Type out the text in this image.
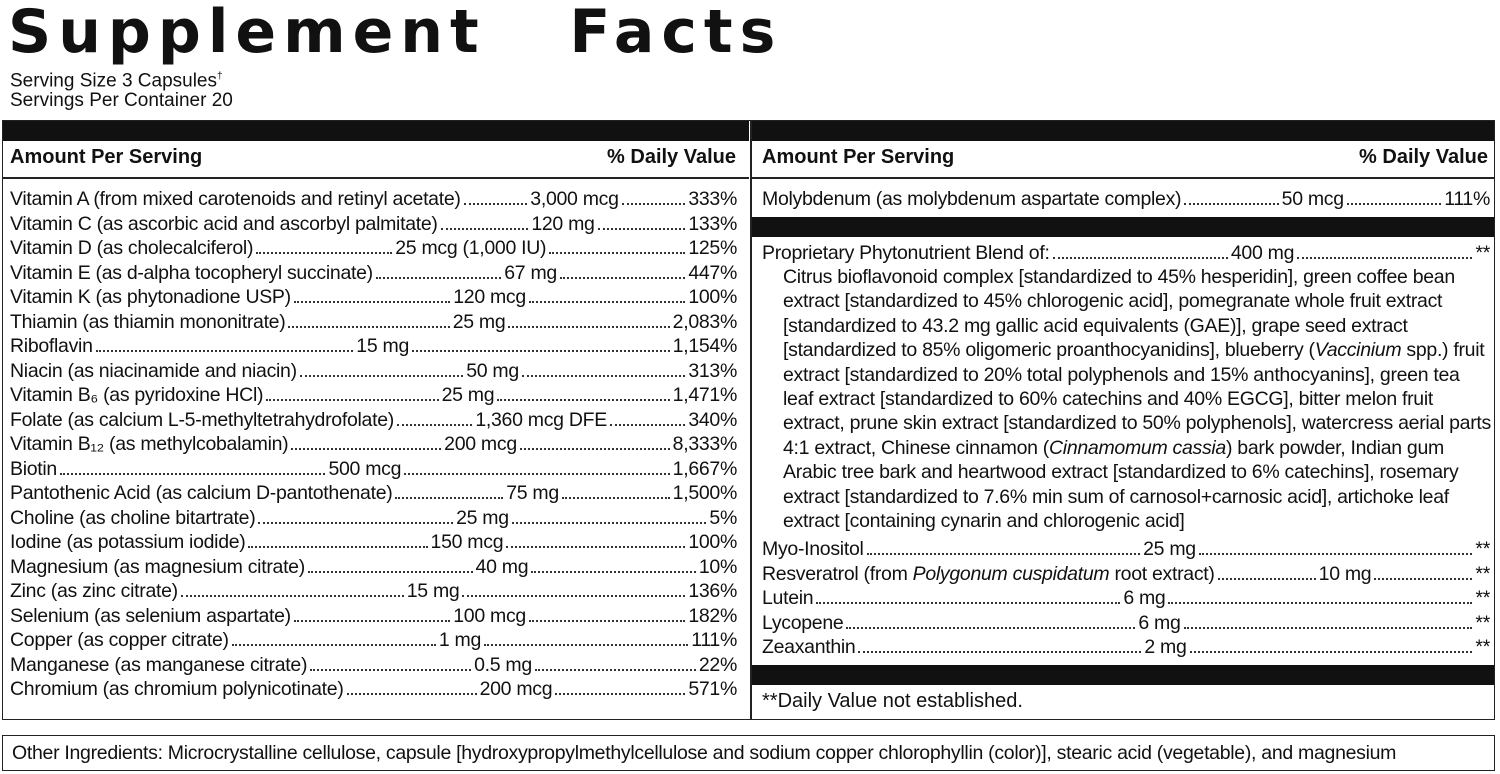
Supplement   Facts
Serving Size 3 Capsules†
Servings Per Container 20
Amount Per Serving	% Daily Value Amount Per Serving	% Daily Value
Vitamin A (from mixed carotenoids and retinyl acetate)	3,000 mcg	333%
Vitamin C (as ascorbic acid and ascorbyl palmitate)	120 mg	133%
Vitamin D (as cholecalciferol)	25 mcg (1,000 IU)	125%
Vitamin E (as d-alpha tocopheryl succinate)	67 mg	447%
Vitamin K (as phytonadione USP)	120 mcg	100%
Thiamin (as thiamin mononitrate)	25 mg	2,083%
Riboflavin	15 mg	1,154%
Niacin (as niacinamide and niacin)	50 mg	313%
Vitamin B₆ (as pyridoxine HCl)	25 mg	1,471%
Folate (as calcium L-5-methyltetrahydrofolate)	1,360 mcg DFE	340%
Vitamin B₁₂ (as methylcobalamin)	200 mcg	8,333%
Biotin	500 mcg	1,667%
Pantothenic Acid (as calcium D-pantothenate)	75 mg	1,500%
Choline (as choline bitartrate)	25 mg	5%
Iodine (as potassium iodide)	150 mcg	100%
Magnesium (as magnesium citrate)	40 mg	10%
Zinc (as zinc citrate)	15 mg	136%
Selenium (as selenium aspartate)	100 mcg	182%
Copper (as copper citrate)	1 mg	111%
Manganese (as manganese citrate)	0.5 mg	22%
Chromium (as chromium polynicotinate)	200 mcg	571%
Molybdenum (as molybdenum aspartate complex)	50 mcg	111%
Proprietary Phytonutrient Blend of:	400 mg	**
Citrus bioflavonoid complex [standardized to 45% hesperidin], green coffee bean extract [standardized to 45% chlorogenic acid], pomegranate whole fruit extract [standardized to 43.2 mg gallic acid equivalents (GAE)], grape seed extract [standardized to 85% oligomeric proanthocyanidins], blueberry (Vaccinium spp.) fruit extract [standardized to 20% total polyphenols and 15% anthocyanins], green tea leaf extract [standardized to 60% catechins and 40% EGCG], bitter melon fruit extract, prune skin extract [standardized to 50% polyphenols], watercress aerial parts 4:1 extract, Chinese cinnamon (Cinnamomum cassia) bark powder, Indian gum Arabic tree bark and heartwood extract [standardized to 6% catechins], rosemary extract [standardized to 7.6% min sum of carnosol+carnosic acid], artichoke leaf extract [containing cynarin and chlorogenic acid]
Myo-Inositol	25 mg	**
Resveratrol (from Polygonum cuspidatum root extract)	10 mg	**
Lutein	6 mg	**
Lycopene	6 mg	**
Zeaxanthin	2 mg	**
**Daily Value not established.
Other Ingredients: Microcrystalline cellulose, capsule [hydroxypropylmethylcellulose and sodium copper chlorophyllin (color)], stearic acid (vegetable), and magnesium
